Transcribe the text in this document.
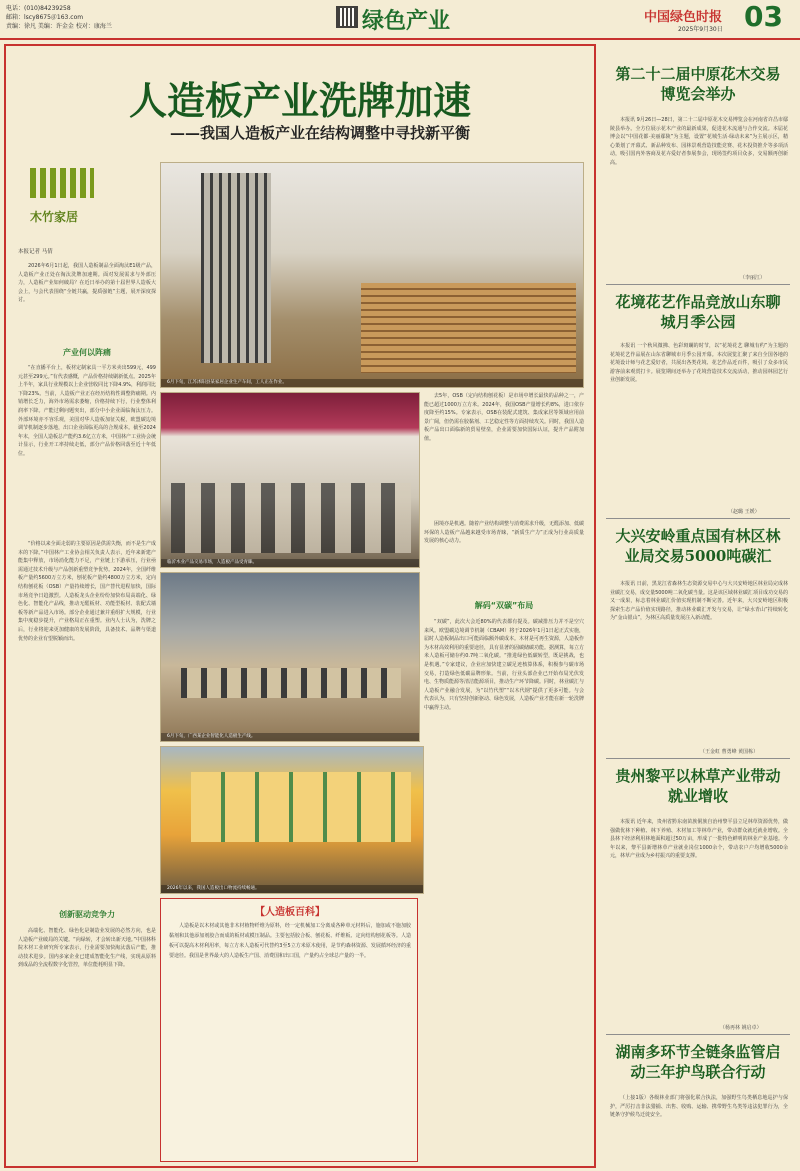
电话：(010)84239258
邮箱：lscy8675＠163.com
责编：徐凡 美编：许金金 校对：康海兰	绿色产业	中国绿色时报
2025年9月30日 03
人造板产业洗牌加速
——我国人造板产业在结构调整中寻找新平衡
木竹家居
本报记者 马倩

2026年6月1日起，我国人造板制品全面淘汰E1级产品，人造板产业正处在淘汰洗牌加速期。面对发展需求与外部压力，人造板产业如何破局？在近日举办的第十届世界人造板大会上，与会代表围绕“全链共赢，提质强链”主题，展开深度探讨。

产业何以阵痛

“在直播平台上，板材定制家具一平方米卖出599元，499元甚至299元。”有代表感慨，产品价格持续刷新低点。2025年上半年，家具行业规模以上企业营收同比下降4.9%，利润同比下降23%。当前，人造板产业正在经历结构性调整阵痛期。内销增长乏力，海外市场需求萎缩，价格持续下行，行业整体利润率下降。产能过剩问题突出，部分中小企业面临淘汰压力。外部环境亦不容乐观，美国对华人造板加征关税，欧盟碳边境调节机制逐步落地，出口企业面临更高的合规成本。截至2024年末，全国人造板总产能约3.6亿立方米，中国林产工业协会统计显示，行业开工率持续走低，部分产品价格回落至近十年低位。

“价格以来全面走弱的主要原因是供需失衡，而不是生产成本的下降。”中国林产工业协会相关负责人表示，近年来新建产能集中释放，市场消化能力不足，产业链上下游承压，行业亟需通过技术升级与产品创新重塑竞争优势。2024年，全国纤维板产量约5600万立方米，刨花板产量约4800万立方米，定向结构刨花板（OSB）产量持续增长，国产替代进程加快，国际市场竞争日趋激烈。人造板龙头企业纷纷加快布局高端化、绿色化、智能化产品线，推动无醛板材、功能型板材、装配式墙板等新产品进入市场。部分企业通过兼并重组扩大规模，行业集中度稳步提升，产业格局正在重塑。业内人士认为，洗牌之后，行业将迎来更加健康的发展阶段，具备技术、品牌与渠道优势的企业有望脱颖而出。

创新驱动竞争力

高端化、智能化、绿色化是制造业发展的必然方向，也是人造板产业破局的关键。“向绿转，才会转出新天地。”中国林科院木材工业研究所专家表示，行业需要加快淘汰落后产能，推动技术进步。国内多家企业已建成智能化生产线，实现从原料到成品的全流程数字化管控，单位能耗明显下降。

6月下旬，江苏沭阳县某家居企业生产车间，工人正在作业。
临沂木业产品交易市场，人造板产品受青睐。
6月下旬，广西某企业智能化人造板生产线。
2026年以来，我国人造板出口物流持续畅通。

去5年，OSB（定向结构刨花板）是市场中增长最快的品种之一，产能已超过1000万立方米。2024年，我国OSB产量增长约8%，进口依存度降至约15%。专家表示，OSB在装配式建筑、集成家居等领域应用前景广阔，但仍需在胶黏剂、工艺稳定性等方面持续攻关。同时，我国人造板产品出口面临新的贸易壁垒，企业需要加快国际认证，提升产品附加值。

困境亦是机遇。随着产业结构调整与消费需求升级，无醛添加、低碳环保的人造板产品越来越受市场青睐，“新质生产力”正成为行业高质量发展的核心动力。

解码“双碳”布局

“双碳”，此次大会近80%的代表都有提及。碳减排压力并不是空穴来风。欧盟碳边境调节机制（CBAM）将于2026年1月1日起正式实施，届时人造板制品出口可能面临额外碳成本。木材是可再生资源，人造板作为木材高效利用的重要途径，具有显著的固碳储碳功能。据测算，每立方米人造板可储存约0.7吨二氧化碳。“推进绿色低碳转型，既是挑战，也是机遇。”专家建议，企业应加快建立碳足迹核算体系，积极参与碳市场交易，打造绿色低碳品牌形象。当前，行业头部企业已开始布局光伏发电、生物质能源等清洁能源项目，推动生产环节降碳。同时，林业碳汇与人造板产业融合发展，为“以竹代塑”“以木代钢”提供了更多可能。与会代表认为，只有坚持创新驱动、绿色发展，人造板产业才能在新一轮洗牌中赢得主动。

【人造板百科】

人造板是以木材或其他非木材植物纤维为原料，经一定机械加工分离成各种单元材料后，施加或不施加胶黏剂和其他添加剂胶合而成的板材或模压制品。主要包括胶合板、刨花板、纤维板、定向结构刨花板等。人造板可以提高木材利用率，每立方米人造板可代替约3至5立方米原木使用，是节约森林资源、发展循环经济的重要途径。我国是世界最大的人造板生产国、消费国和出口国，产量约占全球总产量的一半。

第二十二届中原花木交易博览会举办

本报讯 9月26日—28日，第二十二届中原花木交易博览会在河南省许昌市鄢陵县举办。全方位展示花木产业的最新成果，促进花木流通与合作交流。本届花博会以“中国花都·美丽鄢陵”为主题，设置“花城生活·绿动未来”为主展示区，精心策划了开幕式、新品种发布、园林景观营造技能竞赛、花木投资推介等多项活动，吸引国内外客商及花卉爱好者参展参会，现场签约项目众多，交易额再创新高。

（李丽江）
花境花艺作品竞放山东聊城月季公园

本报讯 一个秋风微拂、色彩斑斓的时节，以“花境花艺 聊城有约”为主题的花境花艺作品展在山东省聊城市月季公园开幕。本次展览汇聚了来自全国各地的花境设计师与花艺爱好者，共展出各类花境、花艺作品近百件，吸引了众多市民游客前来观赏打卡。展览期间还举办了花境营造技术交流活动，推动园林园艺行业创新发展。

（赵璐 王媛）
大兴安岭重点国有林区林业局交易5000吨碳汇

本报讯 日前，黑龙江省森林生态资源交易中心与大兴安岭地区林业局完成林业碳汇交易，成交量5000吨二氧化碳当量。这是该区域林业碳汇项目成功交易的又一成果，标志着林业碳汇价值实现机制不断完善。近年来，大兴安岭地区积极探索生态产品价值实现路径，推动林业碳汇开发与交易，让“绿水青山”持续转化为“金山银山”，为林区高质量发展注入新动能。

（王金虹 曹勇峰 黄国栋）
贵州黎平以林草产业带动就业增收

本报讯 近年来，贵州省黔东南苗族侗族自治州黎平县立足林草资源优势，做强做优林下种植、林下养殖、木材加工等林草产业，带动群众就近就业增收。全县林下经济利用林地面积超过50万亩，形成了一批特色鲜明的林业产业基地。今年以来，黎平县新增林草产业就业岗位1000余个，带动农户户均增收5000余元，林草产业成为乡村振兴的重要支撑。

（杨再林 姚启卓）
湖南多环节全链条监管启动三年护鸟联合行动

（上接1版）各级林业部门将强化联合执法，加强野生鸟类栖息地巡护与保护，严厉打击非法猎捕、出售、收购、运输、携带野生鸟类等违法犯罪行为，全链条守护候鸟迁徙安全。
